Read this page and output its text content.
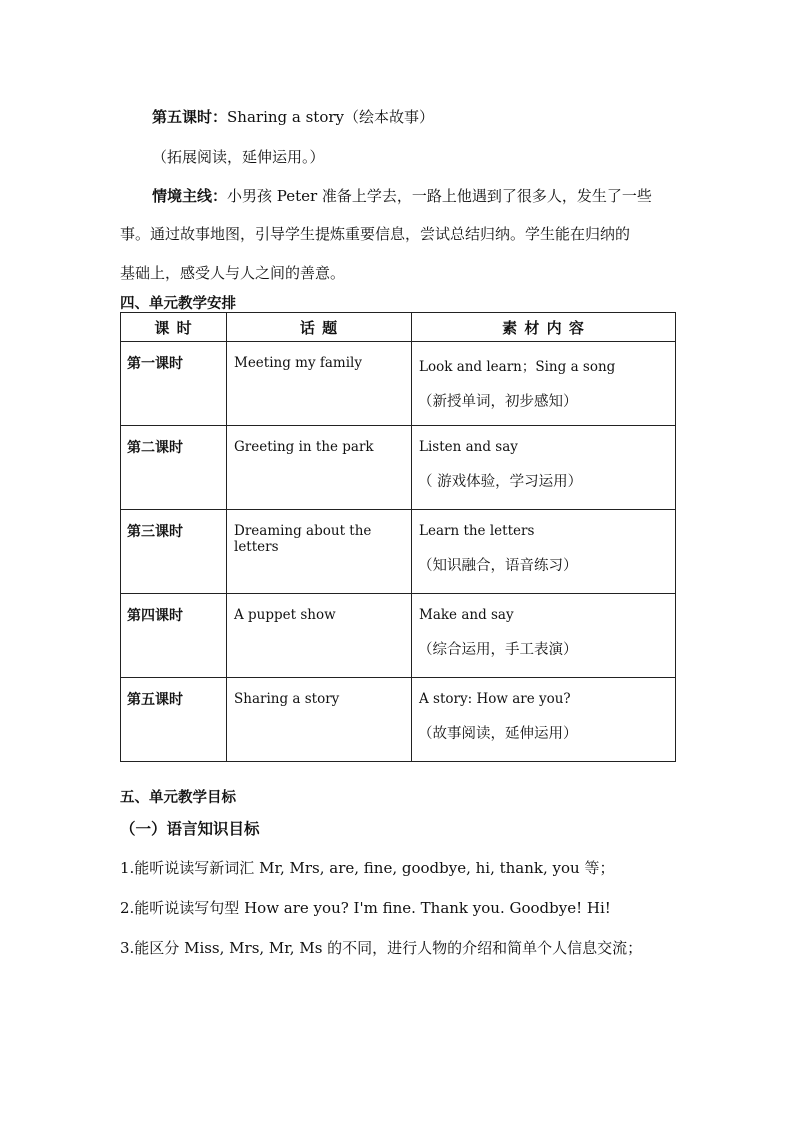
第五课时：Sharing a story（绘本故事）
（拓展阅读，延伸运用。）
情境主线：小男孩 Peter 准备上学去，一路上他遇到了很多人，发生了一些
事。通过故事地图，引导学生提炼重要信息，尝试总结归纳。学生能在归纳的
基础上，感受人与人之间的善意。
四、单元教学安排
课 时	话 题	素 材 内 容

第一课时	Meeting my family	Look and learn；Sing a song
（新授单词，初步感知）

第二课时	Greeting in the park	Listen and say
（ 游戏体验，学习运用）

第三课时	Dreaming about the letters	Learn the letters
（知识融合，语音练习）

第四课时	A puppet show	Make and say
（综合运用，手工表演）

第五课时	Sharing a story	A story: How are you?
（故事阅读，延伸运用）
五、单元教学目标
（一）语言知识目标
1.能听说读写新词汇 Mr, Mrs, are, fine, goodbye, hi, thank, you 等；
2.能听说读写句型 How are you? I'm fine. Thank you. Goodbye! Hi!
3.能区分 Miss, Mrs, Mr, Ms 的不同，进行人物的介绍和简单个人信息交流；
